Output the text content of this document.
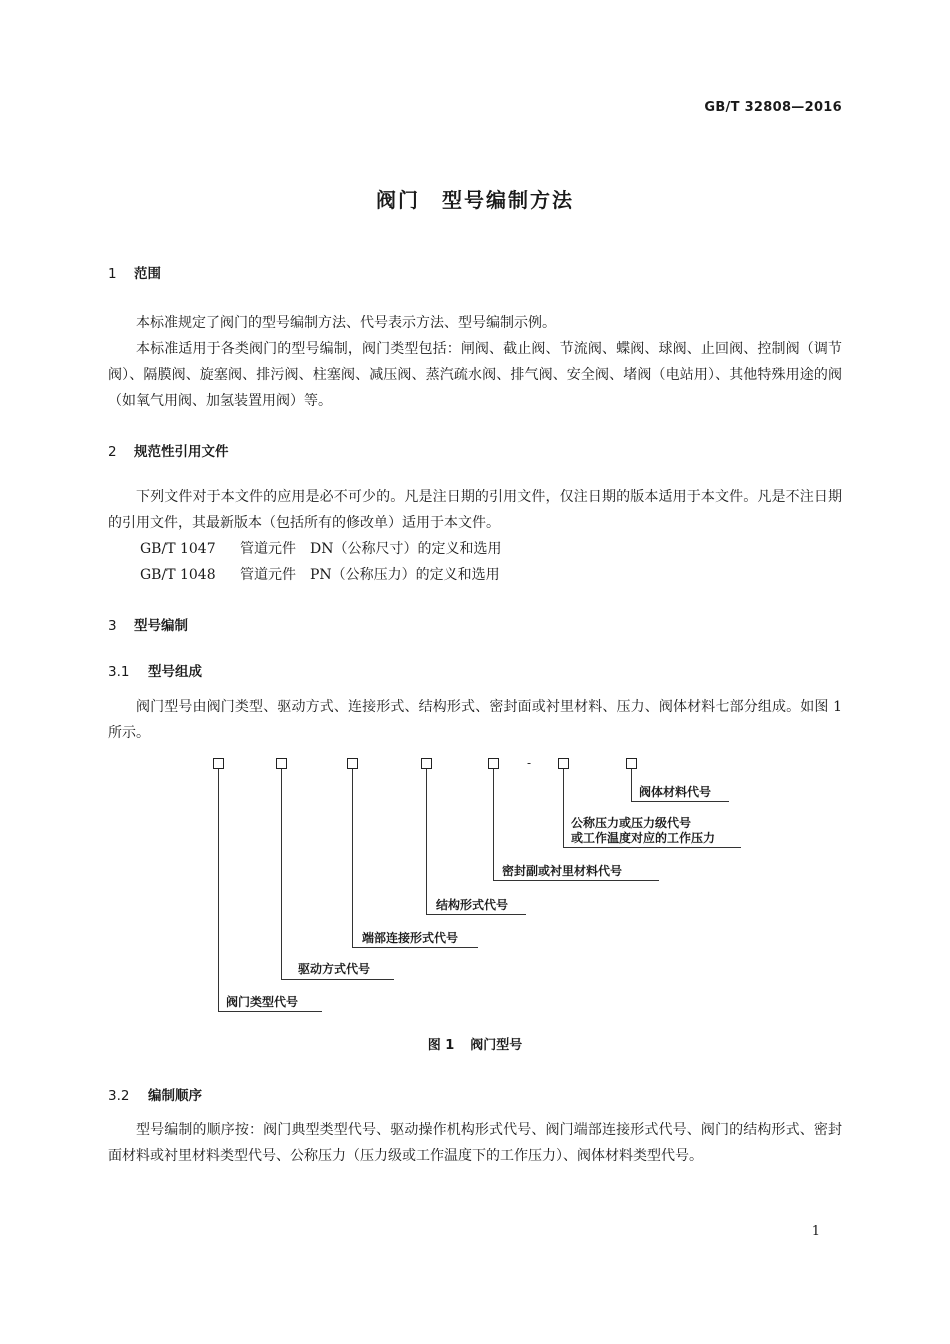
GB/T 32808—2016
阀门　型号编制方法
1 范围

本标准规定了阀门的型号编制方法、代号表示方法、型号编制示例。

本标准适用于各类阀门的型号编制，阀门类型包括：闸阀、截止阀、节流阀、蝶阀、球阀、止回阀、控制阀（调节阀）、隔膜阀、旋塞阀、排污阀、柱塞阀、减压阀、蒸汽疏水阀、排气阀、安全阀、堵阀（电站用）、其他特殊用途的阀（如氧气用阀、加氢装置用阀）等。

2 规范性引用文件

下列文件对于本文件的应用是必不可少的。凡是注日期的引用文件，仅注日期的版本适用于本文件。凡是不注日期的引用文件，其最新版本（包括所有的修改单）适用于本文件。

GB/T 1047 管道元件　DN（公称尺寸）的定义和选用
GB/T 1048 管道元件　PN（公称压力）的定义和选用
3 型号编制
3.1 型号组成

阀门型号由阀门类型、驱动方式、连接形式、结构形式、密封面或衬里材料、压力、阀体材料七部分组成。如图 1 所示。

-
阀体材料代号
公称压力或压力级代号
或工作温度对应的工作压力
密封副或衬里材料代号
结构形式代号
端部连接形式代号
驱动方式代号
阀门类型代号
图 1 阀门型号
3.2 编制顺序

型号编制的顺序按：阀门典型类型代号、驱动操作机构形式代号、阀门端部连接形式代号、阀门的结构形式、密封面材料或衬里材料类型代号、公称压力（压力级或工作温度下的工作压力）、阀体材料类型代号。

1
